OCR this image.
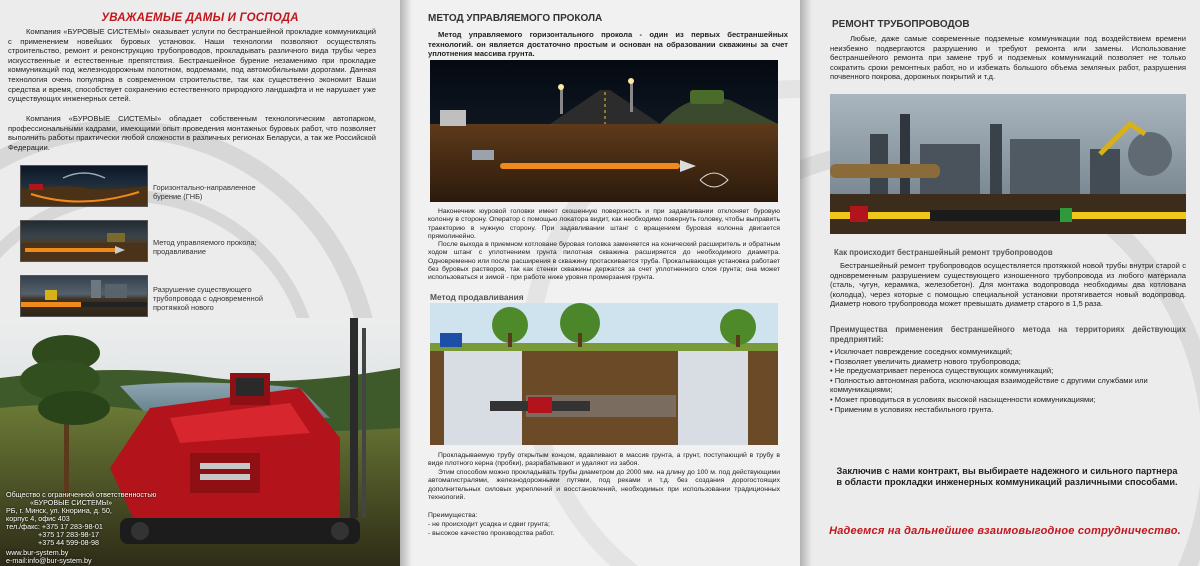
УВАЖАЕМЫЕ ДАМЫ И ГОСПОДА

Компания «БУРОВЫЕ СИСТЕМЫ» оказывает услуги по бестраншейной прокладке коммуникаций с применением новейших буровых установок. Наши технологии позволяют осуществлять строительство, ремонт и реконструкцию трубопроводов, прокладывать различного вида трубы через искусственные и естественные препятствия. Бестраншейное бурение незаменимо при прокладке коммуникаций под железнодорожным полотном, водоемами, под автомобильными дорогами. Данная технология очень популярна в современном строительстве, так как существенно экономит Ваши средства и время, способствует сохранению естественного природного ландшафта и не нарушает уже существующих инженерных сетей.

Компания «БУРОВЫЕ СИСТЕМЫ» обладает собственным технологическим автопарком, профессиональными кадрами, имеющими опыт проведения монтажных буровых работ, что позволяет выполнить работы практически любой сложности в различных регионах Беларуси, а так же Российской Федерации.

Горизонтально-направленное бурение (ГНБ)
Метод управляемого прокола; продавливание
Разрушение существующего трубопровода с одновременной протяжкой нового
Общество с ограниченной ответственностью
«БУРОВЫЕ СИСТЕМЫ»
РБ, г. Минск, ул. Кнорина, д. 50,
корпус 4, офис 403
тел./факс: +375 17 283-98-01
+375 17 283-98-17
+375 44 599-08-98
www.bur-system.by
e-mail:info@bur-system.by
МЕТОД УПРАВЛЯЕМОГО ПРОКОЛА

Метод управляемого горизонтального прокола - один из первых бестраншейных технологий. он является достаточно простым и основан на образовании скважины за счет уплотнения массива грунта.

Наконечник юуровой головки имеет скошенную поверхность и при задавливании отклоняет буровую колонну в сторону. Оператор с помощью локатора видит, как необходимо повернуть головку, чтобы выправить траекторию в нужную сторону. При задавливании штанг с вращением буровая колонна двигается прямолинейно.

После выхода в приемном котловане буровая головка заменяется на конический расширитель и обратным ходом штанг с уплотнением грунта пилотная скважина расширяется до необходимого диаметра. Одновременно или после расширения в скважину протаскивается труба. Прокалывающая установка работает без буровых растворов, так как стенки скважины держатся за счет уплотненного слоя грунта; она может использоваться и зимой - при работе ниже уровня промерзания грунта.

Метод продавливания

Прокладываемую трубу открытым концом, вдавливают в массив грунта, а грунт, поступающий в трубу в виде плотного керна (пробки), разрабатывают и удаляют из забоя.

Этим способом можно прокладывать трубы диаметром до 2000 мм. на длину до 100 м. под действующими автомагистралями, железнодорожными путями, под реками и т.д. без создания дорогостоящих дополнительных силовых укреплений и восстановлений, необходимых при использовании традиционных технологий.

Преимущества:
- не происходит усадка и сдвиг грунта;
- высокое качество производства работ.
РЕМОНТ ТРУБОПРОВОДОВ

Любые, даже самые современные подземные коммуникации под воздействием времени неизбежно подвергаются разрушению и требуют ремонта или замены. Использование бестраншейного ремонта при замене труб и подземных коммуникаций позволяет не только сократить сроки ремонтных работ, но и избежать большого объема земляных работ, разрушения почвенного покрова, дорожных покрытий и т.д.

Как происходит бестраншейный ремонт трубопроводов

Бестраншейный ремонт трубопроводов осуществляется протяжкой новой трубы внутри старой с одновременным разрушением существующего изношенного трубопровода из любого материала (сталь, чугун, керамика, железобетон). Для монтажа водопровода необходимы два котлована (колодца), через которые с помощью специальной установки протягивается новый водопровод. Диаметр нового трубопровода может превышать диаметр старого в 1,5 раза.

Преимущества применения бестраншейного метода на территориях действующих предприятий:

• Исключает повреждение соседних коммуникаций;
• Позволяет увеличить диаметр нового трубопровода;
• Не предусматривает переноса существующих коммуникаций;
• Полностью автономная работа, исключающая взаимодействие с другими службами или коммуникациями;
• Может проводиться в условиях высокой насыщенности коммуникациями;
• Применим в условиях нестабильного грунта.

Заключив с нами контракт, вы выбираете надежного и сильного партнера в области прокладки инженерных коммуникаций различными способами.

Надеемся на дальнейшее взаимовыгодное сотрудничество.
